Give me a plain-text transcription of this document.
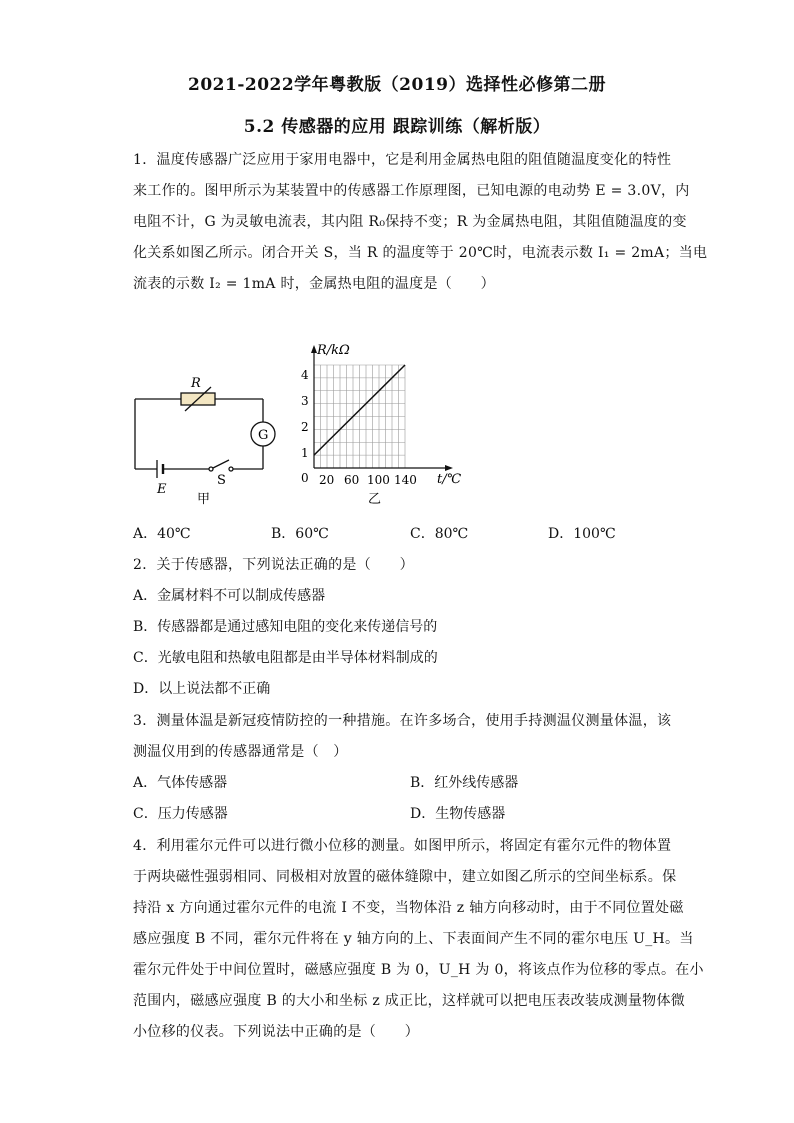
2021-2022学年粤教版（2019）选择性必修第二册
5.2 传感器的应用 跟踪训练（解析版）
1．温度传感器广泛应用于家用电器中，它是利用金属热电阻的阻值随温度变化的特性
来工作的。图甲所示为某装置中的传感器工作原理图，已知电源的电动势 E = 3.0V，内
电阻不计，G 为灵敏电流表，其内阻 R₀保持不变；R 为金属热电阻，其阻值随温度的变
化关系如图乙所示。闭合开关 S，当 R 的温度等于 20℃时，电流表示数 I₁ = 2mA；当电
流表的示数 I₂ = 1mA 时，金属热电阻的温度是（　　）
R
G
E
S
甲
R/kΩ
t/℃
0
1
2
3
4
20 60 100 140
乙
A．40℃	B．60℃	C．80℃	D．100℃
2．关于传感器，下列说法正确的是（　　）
A．金属材料不可以制成传感器
B．传感器都是通过感知电阻的变化来传递信号的
C．光敏电阻和热敏电阻都是由半导体材料制成的
D．以上说法都不正确
3．测量体温是新冠疫情防控的一种措施。在许多场合，使用手持测温仪测量体温，该
测温仪用到的传感器通常是（　）
A．气体传感器	B．红外线传感器
C．压力传感器	D．生物传感器
4．利用霍尔元件可以进行微小位移的测量。如图甲所示，将固定有霍尔元件的物体置
于两块磁性强弱相同、同极相对放置的磁体缝隙中，建立如图乙所示的空间坐标系。保
持沿 x 方向通过霍尔元件的电流 I 不变，当物体沿 z 轴方向移动时，由于不同位置处磁
感应强度 B 不同，霍尔元件将在 y 轴方向的上、下表面间产生不同的霍尔电压 U_H。当
霍尔元件处于中间位置时，磁感应强度 B 为 0，U_H 为 0，将该点作为位移的零点。在小
范围内，磁感应强度 B 的大小和坐标 z 成正比，这样就可以把电压表改装成测量物体微
小位移的仪表。下列说法中正确的是（　　）
